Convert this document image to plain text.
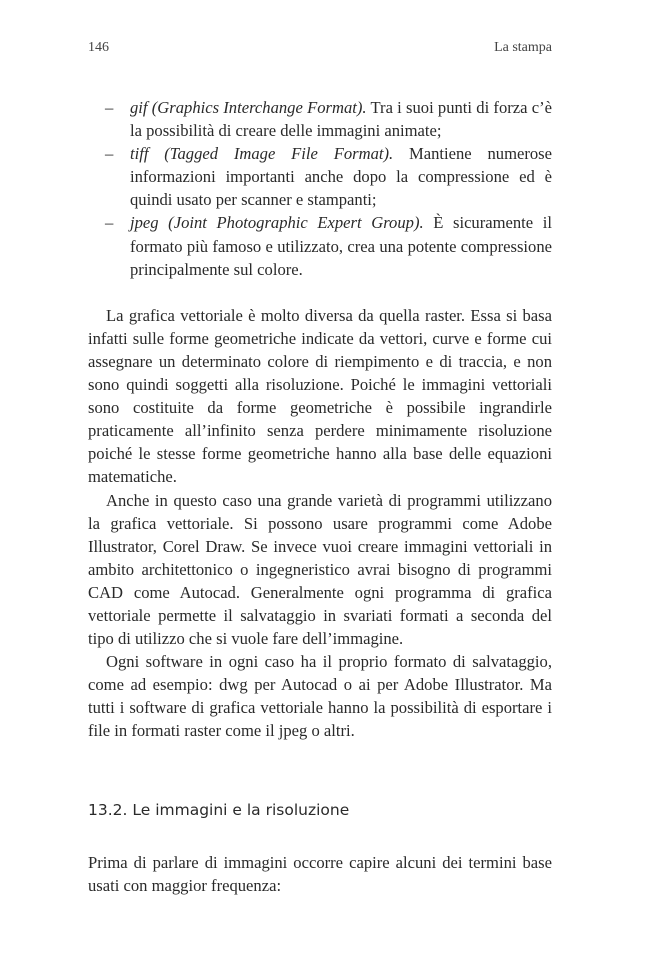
146	La stampa
– gif (Graphics Interchange Format). Tra i suoi punti di forza c’è la possibilità di creare delle immagini animate;
– tiff (Tagged Image File Format). Mantiene numerose informazioni importanti anche dopo la compressione ed è quindi usato per scanner e stampanti;
– jpeg (Joint Photographic Expert Group). È sicuramente il formato più famoso e utilizzato, crea una potente compressione principalmente sul colore.

La grafica vettoriale è molto diversa da quella raster. Essa si basa infatti sulle forme geometriche indicate da vettori, curve e forme cui assegnare un determinato colore di riempimento e di traccia, e non sono quindi soggetti alla risoluzione. Poiché le immagini vettoriali sono costituite da forme geometriche è possibile ingrandirle praticamente all’infinito senza perdere minimamente risoluzione poiché le stesse forme geometriche hanno alla base delle equazioni matematiche.

Anche in questo caso una grande varietà di programmi utilizzano la grafica vettoriale. Si possono usare programmi come Adobe Illustrator, Corel Draw. Se invece vuoi creare immagini vettoriali in ambito architettonico o ingegneristico avrai bisogno di programmi CAD come Autocad. Generalmente ogni programma di grafica vettoriale permette il salvataggio in svariati formati a seconda del tipo di utilizzo che si vuole fare dell’immagine.

Ogni software in ogni caso ha il proprio formato di salvataggio, come ad esempio: dwg per Autocad o ai per Adobe Illustrator. Ma tutti i software di grafica vettoriale hanno la possibilità di esportare i file in formati raster come il jpeg o altri.

13.2. Le immagini e la risoluzione

Prima di parlare di immagini occorre capire alcuni dei termini base usati con maggior frequenza:
